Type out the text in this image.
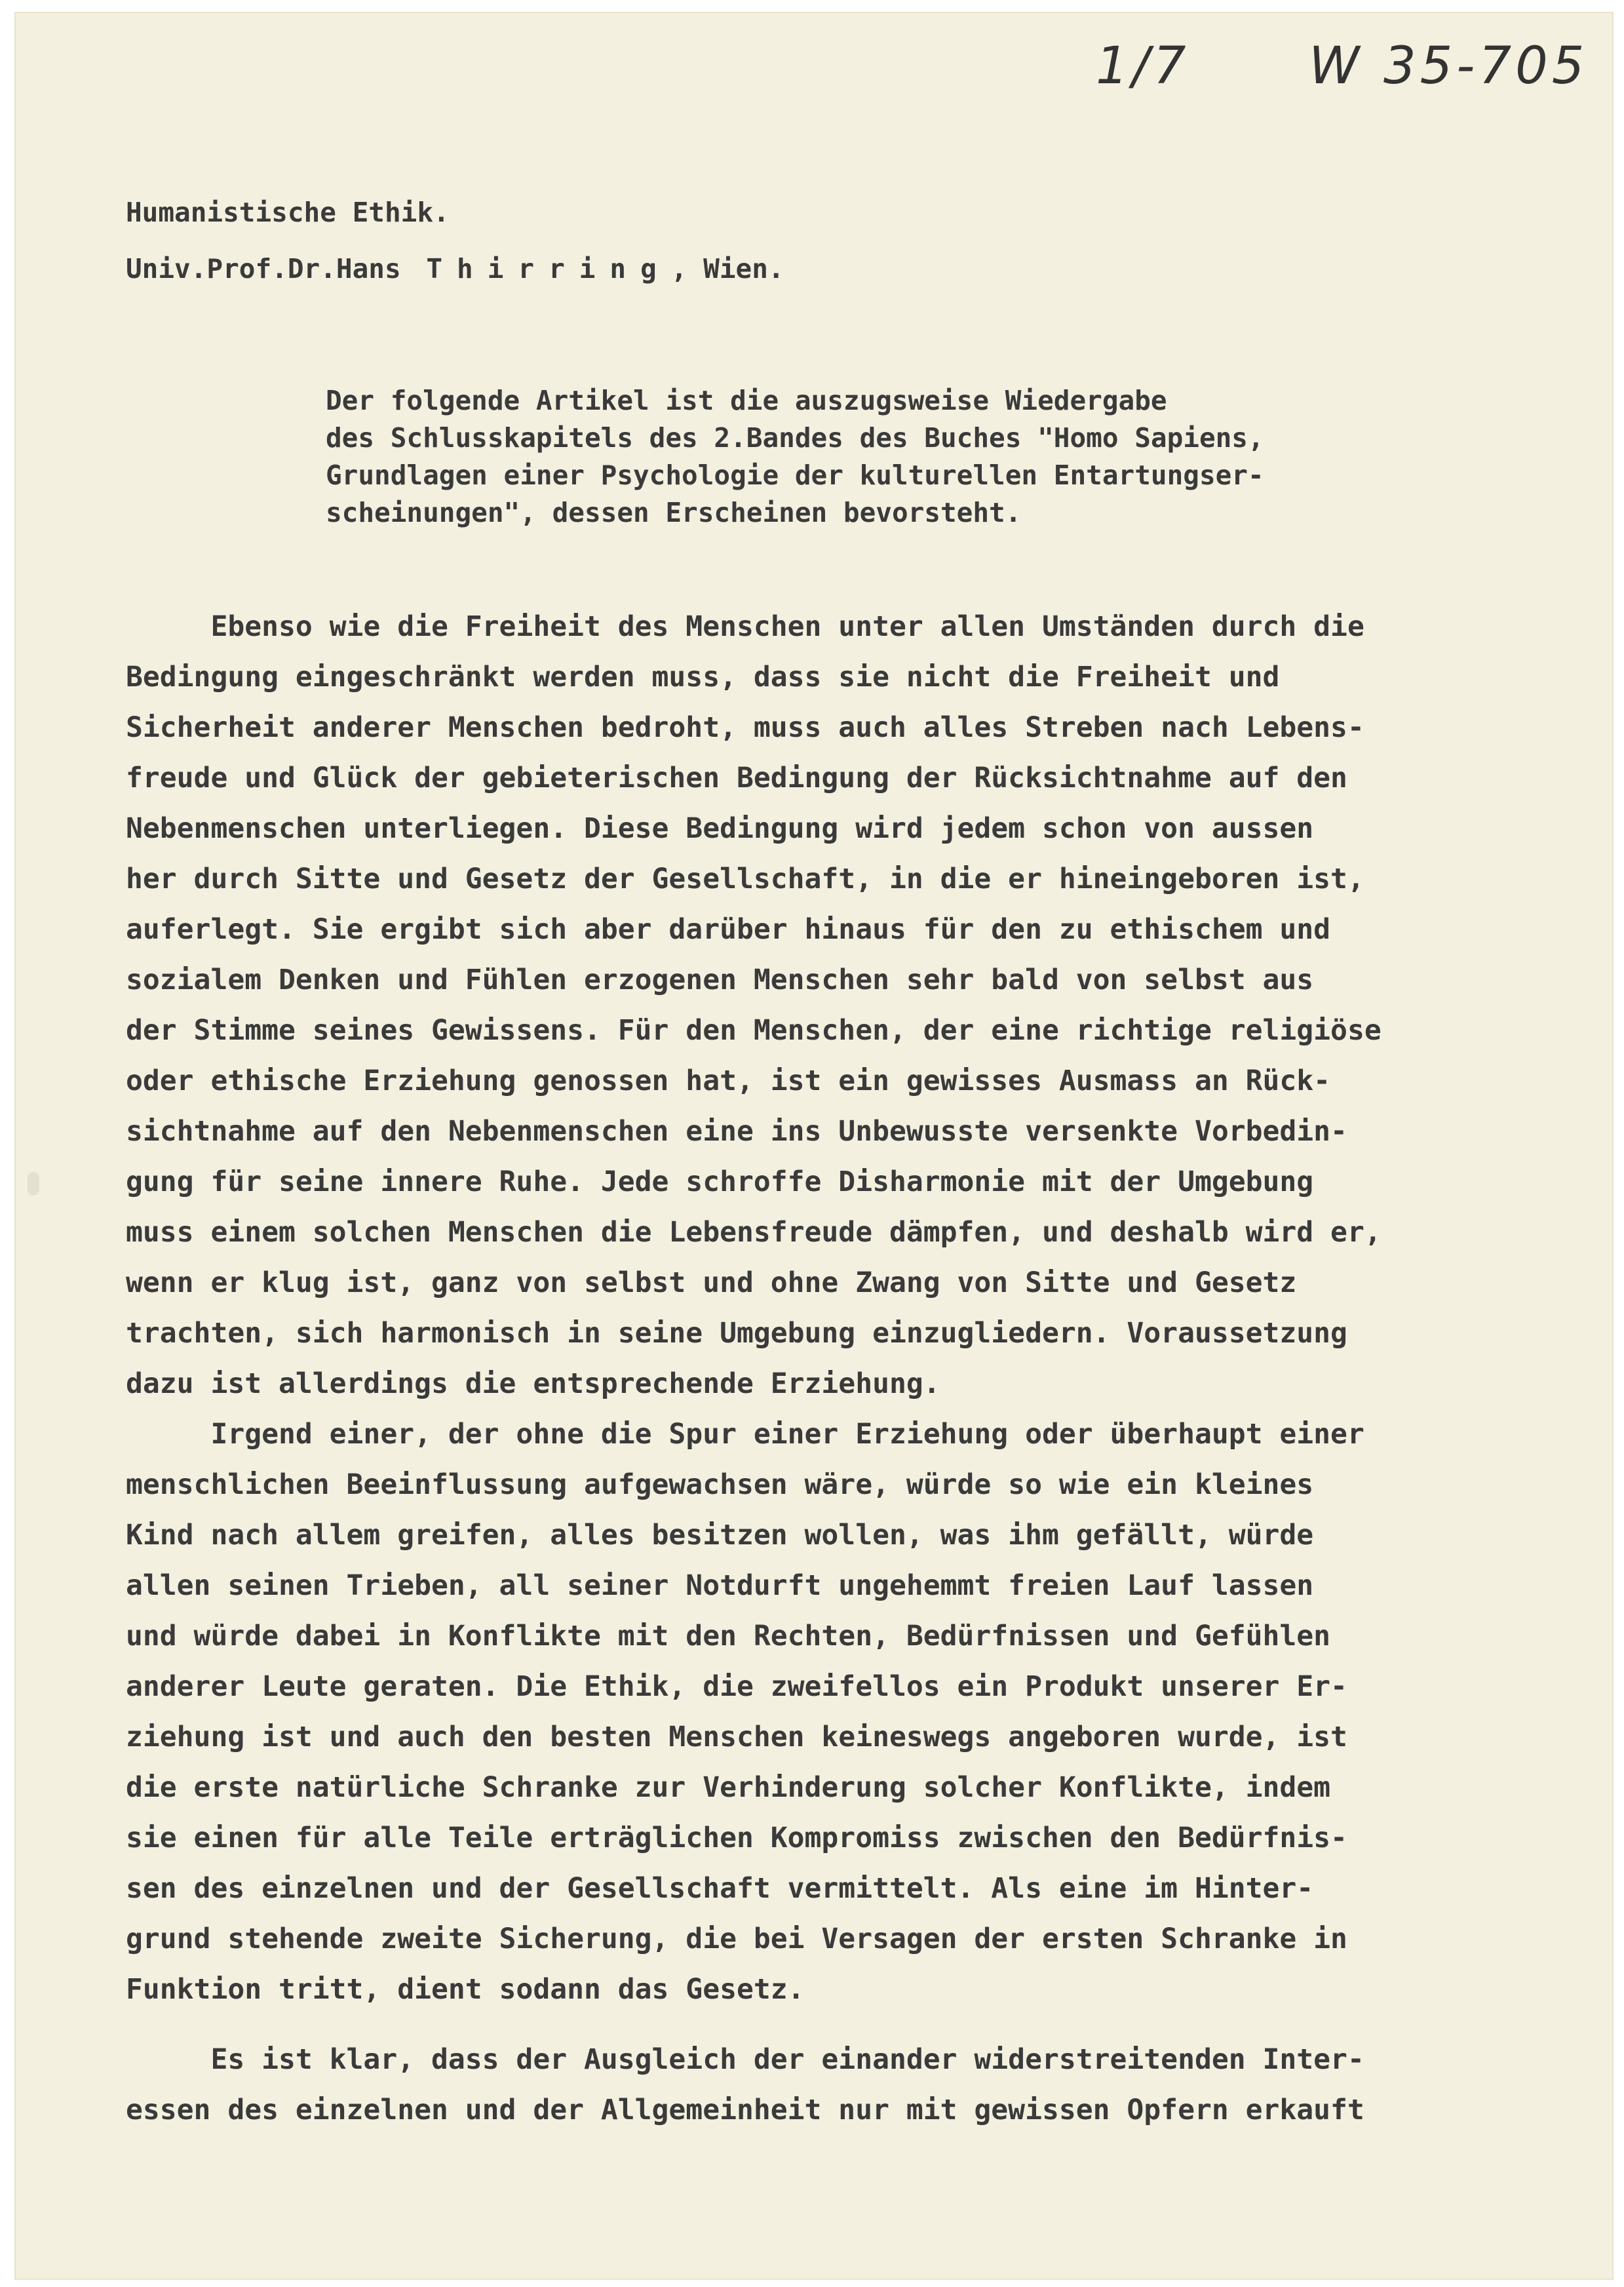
1/7 W 35-705
Humanistische Ethik.
Univ.Prof.Dr.Hans Thirring, Wien.
Der folgende Artikel ist die auszugsweise Wiedergabe
des Schlusskapitels des 2.Bandes des Buches "Homo Sapiens,
Grundlagen einer Psychologie der kulturellen Entartungser-
scheinungen", dessen Erscheinen bevorsteht.
Ebenso wie die Freiheit des Menschen unter allen Umständen durch die
Bedingung eingeschränkt werden muss, dass sie nicht die Freiheit und
Sicherheit anderer Menschen bedroht, muss auch alles Streben nach Lebens-
freude und Glück der gebieterischen Bedingung der Rücksichtnahme auf den
Nebenmenschen unterliegen. Diese Bedingung wird jedem schon von aussen
her durch Sitte und Gesetz der Gesellschaft, in die er hineingeboren ist,
auferlegt. Sie ergibt sich aber darüber hinaus für den zu ethischem und
sozialem Denken und Fühlen erzogenen Menschen sehr bald von selbst aus
der Stimme seines Gewissens. Für den Menschen, der eine richtige religiöse
oder ethische Erziehung genossen hat, ist ein gewisses Ausmass an Rück-
sichtnahme auf den Nebenmenschen eine ins Unbewusste versenkte Vorbedin-
gung für seine innere Ruhe. Jede schroffe Disharmonie mit der Umgebung
muss einem solchen Menschen die Lebensfreude dämpfen, und deshalb wird er,
wenn er klug ist, ganz von selbst und ohne Zwang von Sitte und Gesetz
trachten, sich harmonisch in seine Umgebung einzugliedern. Voraussetzung
dazu ist allerdings die entsprechende Erziehung.
Irgend einer, der ohne die Spur einer Erziehung oder überhaupt einer
menschlichen Beeinflussung aufgewachsen wäre, würde so wie ein kleines
Kind nach allem greifen, alles besitzen wollen, was ihm gefällt, würde
allen seinen Trieben, all seiner Notdurft ungehemmt freien Lauf lassen
und würde dabei in Konflikte mit den Rechten, Bedürfnissen und Gefühlen
anderer Leute geraten. Die Ethik, die zweifellos ein Produkt unserer Er-
ziehung ist und auch den besten Menschen keineswegs angeboren wurde, ist
die erste natürliche Schranke zur Verhinderung solcher Konflikte, indem
sie einen für alle Teile erträglichen Kompromiss zwischen den Bedürfnis-
sen des einzelnen und der Gesellschaft vermittelt. Als eine im Hinter-
grund stehende zweite Sicherung, die bei Versagen der ersten Schranke in
Funktion tritt, dient sodann das Gesetz.
Es ist klar, dass der Ausgleich der einander widerstreitenden Inter-
essen des einzelnen und der Allgemeinheit nur mit gewissen Opfern erkauft
